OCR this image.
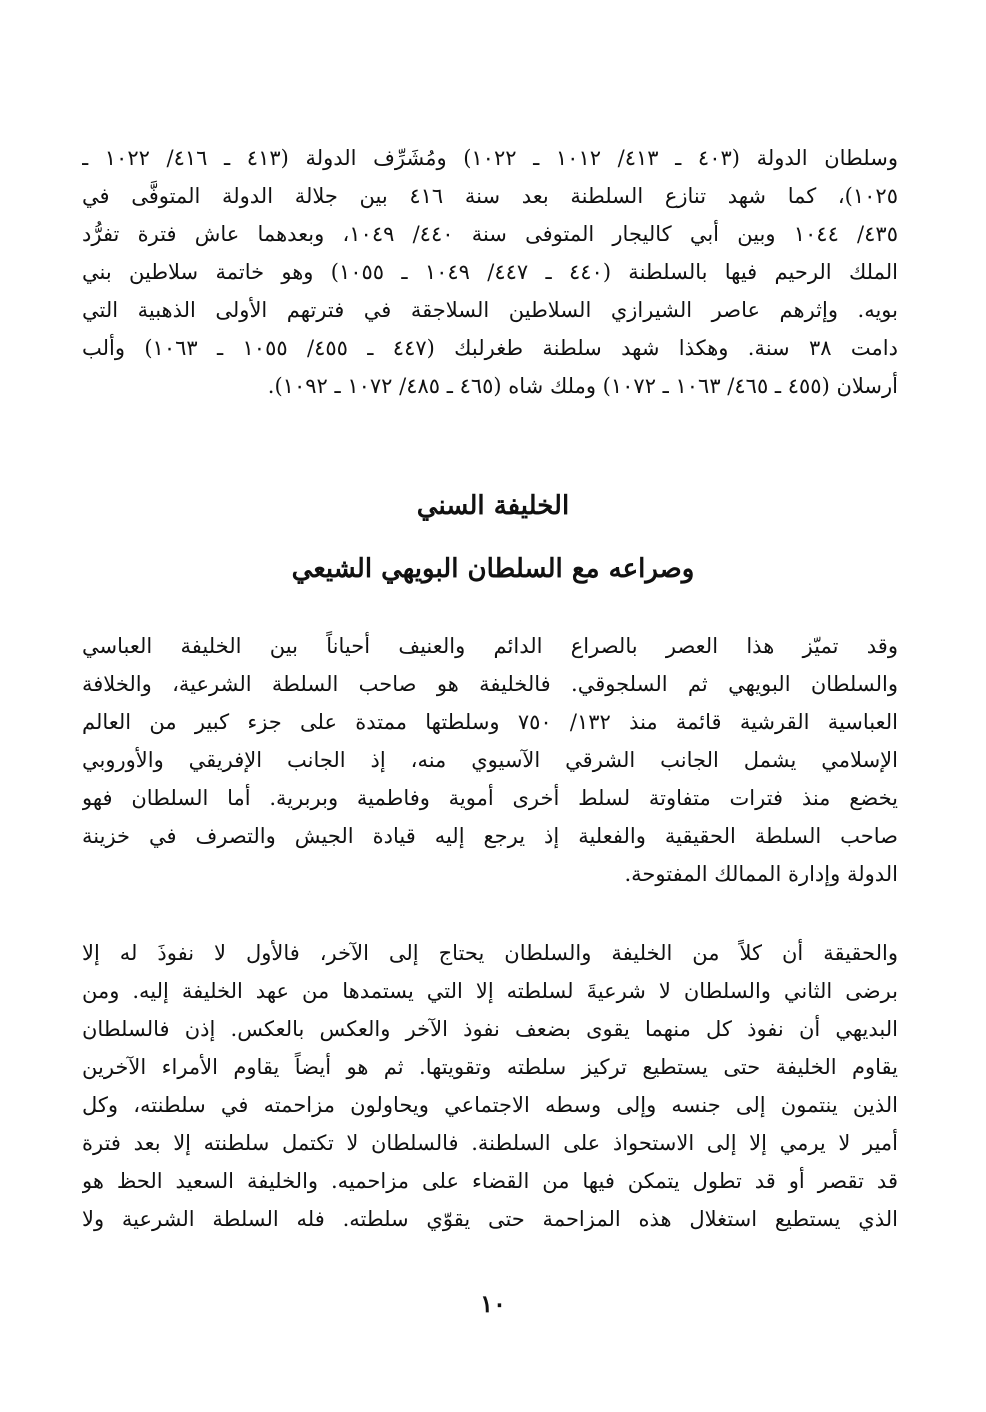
وسلطان الدولة (٤٠٣ ـ ٤١٣/ ١٠١٢ ـ ١٠٢٢) ومُشَرِّف الدولة (٤١٣ ـ ٤١٦/ ١٠٢٢ ـ
١٠٢٥)، كما شهد تنازع السلطنة بعد سنة ٤١٦ بين جلالة الدولة المتوفَّى في
٤٣٥/ ١٠٤٤ وبين أبي كاليجار المتوفى سنة ٤٤٠/ ١٠٤٩، وبعدهما عاش فترة تفرُّد
الملك الرحيم فيها بالسلطنة (٤٤٠ ـ ٤٤٧/ ١٠٤٩ ـ ١٠٥٥) وهو خاتمة سلاطين بني
بويه. وإثرهم عاصر الشيرازي السلاطين السلاجقة في فترتهم الأولى الذهبية التي
دامت ٣٨ سنة. وهكذا شهد سلطنة طغرلبك (٤٤٧ ـ ٤٥٥/ ١٠٥٥ ـ ١٠٦٣) وألب
أرسلان (٤٥٥ ـ ٤٦٥/ ١٠٦٣ ـ ١٠٧٢) وملك شاه (٤٦٥ ـ ٤٨٥/ ١٠٧٢ ـ ١٠٩٢).
الخليفة السني
وصراعه مع السلطان البويهي الشيعي
وقد تميّز هذا العصر بالصراع الدائم والعنيف أحياناً بين الخليفة العباسي
والسلطان البويهي ثم السلجوقي. فالخليفة هو صاحب السلطة الشرعية، والخلافة
العباسية القرشية قائمة منذ ١٣٢/ ٧٥٠ وسلطتها ممتدة على جزء كبير من العالم
الإسلامي يشمل الجانب الشرقي الآسيوي منه، إذ الجانب الإفريقي والأوروبي
يخضع منذ فترات متفاوتة لسلط أخرى أموية وفاطمية وبربرية. أما السلطان فهو
صاحب السلطة الحقيقية والفعلية إذ يرجع إليه قيادة الجيش والتصرف في خزينة
الدولة وإدارة الممالك المفتوحة.
والحقيقة أن كلاً من الخليفة والسلطان يحتاج إلى الآخر، فالأول لا نفوذَ له إلا
برضى الثاني والسلطان لا شرعيةَ لسلطته إلا التي يستمدها من عهد الخليفة إليه. ومن
البديهي أن نفوذ كل منهما يقوى بضعف نفوذ الآخر والعكس بالعكس. إذن فالسلطان
يقاوم الخليفة حتى يستطيع تركيز سلطته وتقويتها. ثم هو أيضاً يقاوم الأمراء الآخرين
الذين ينتمون إلى جنسه وإلى وسطه الاجتماعي ويحاولون مزاحمته في سلطنته، وكل
أمير لا يرمي إلا إلى الاستحواذ على السلطنة. فالسلطان لا تكتمل سلطنته إلا بعد فترة
قد تقصر أو قد تطول يتمكن فيها من القضاء على مزاحميه. والخليفة السعيد الحظ هو
الذي يستطيع استغلال هذه المزاحمة حتى يقوّي سلطته. فله السلطة الشرعية ولا
١٠
